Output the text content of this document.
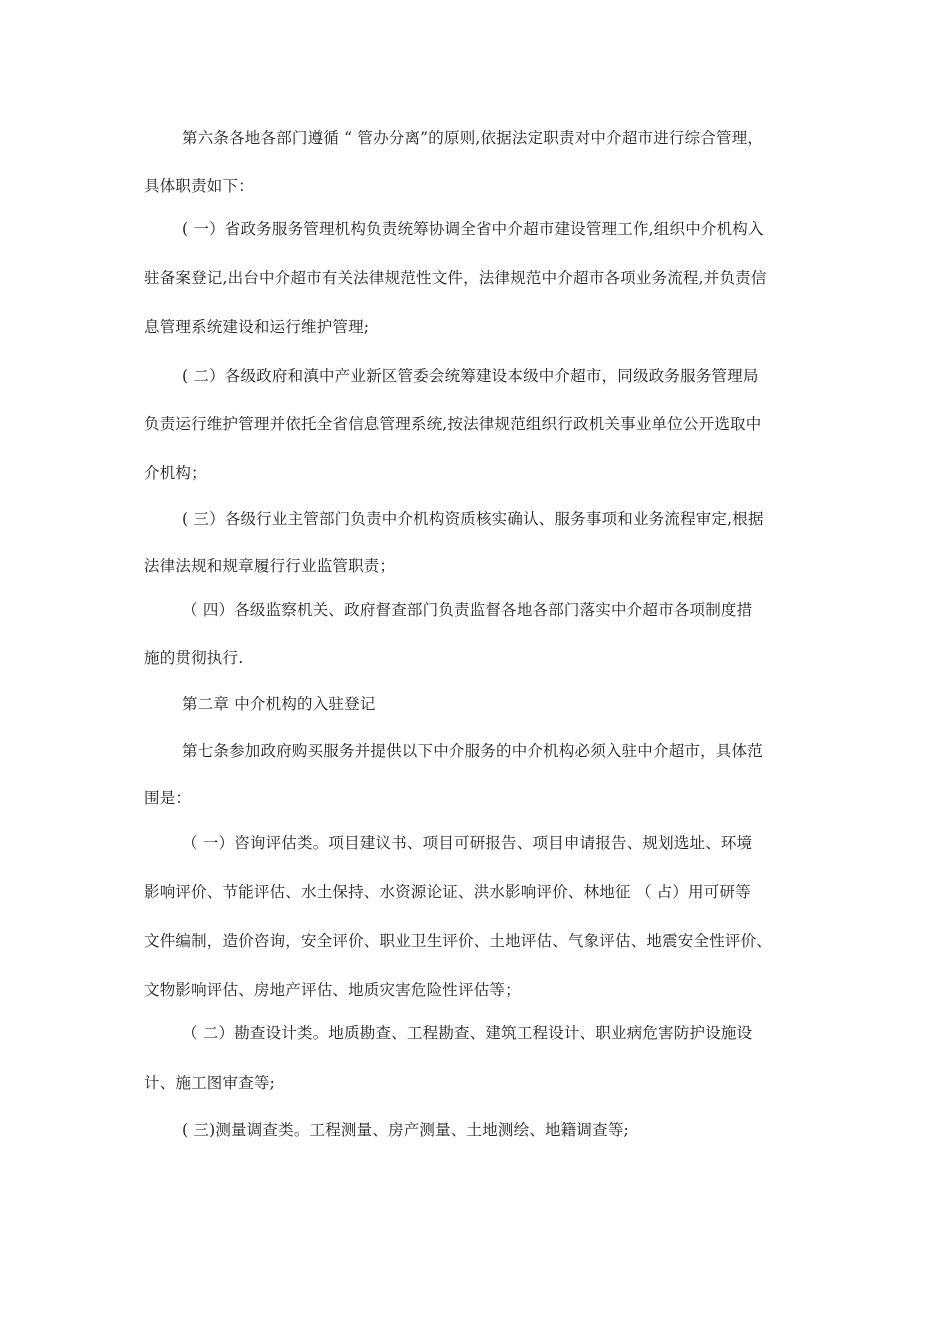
第六条各地各部门遵循 “ 管办分离”的原则,依据法定职责对中介超市进行综合管理，
具体职责如下：
( 一）省政务服务管理机构负责统筹协调全省中介超市建设管理工作,组织中介机构入
驻备案登记,出台中介超市有关法律规范性文件，法律规范中介超市各项业务流程,并负责信
息管理系统建设和运行维护管理;
( 二）各级政府和滇中产业新区管委会统筹建设本级中介超市，同级政务服务管理局
负责运行维护管理并依托全省信息管理系统,按法律规范组织行政机关事业单位公开选取中
介机构；
( 三）各级行业主管部门负责中介机构资质核实确认、服务事项和业务流程审定,根据
法律法规和规章履行行业监管职责；
（ 四）各级监察机关、政府督查部门负责监督各地各部门落实中介超市各项制度措
施的贯彻执行.
第二章 中介机构的入驻登记
第七条参加政府购买服务并提供以下中介服务的中介机构必须入驻中介超市，具体范
围是：
（ 一）咨询评估类。项目建议书、项目可研报告、项目申请报告、规划选址、环境
影响评价、节能评估、水土保持、水资源论证、洪水影响评价、林地征 （ 占）用可研等
文件编制，造价咨询，安全评价、职业卫生评价、土地评估、气象评估、地震安全性评价、
文物影响评估、房地产评估、地质灾害危险性评估等；
（ 二）勘查设计类。地质勘查、工程勘查、建筑工程设计、职业病危害防护设施设
计、施工图审查等;
( 三)测量调查类。工程测量、房产测量、土地测绘、地籍调查等;
